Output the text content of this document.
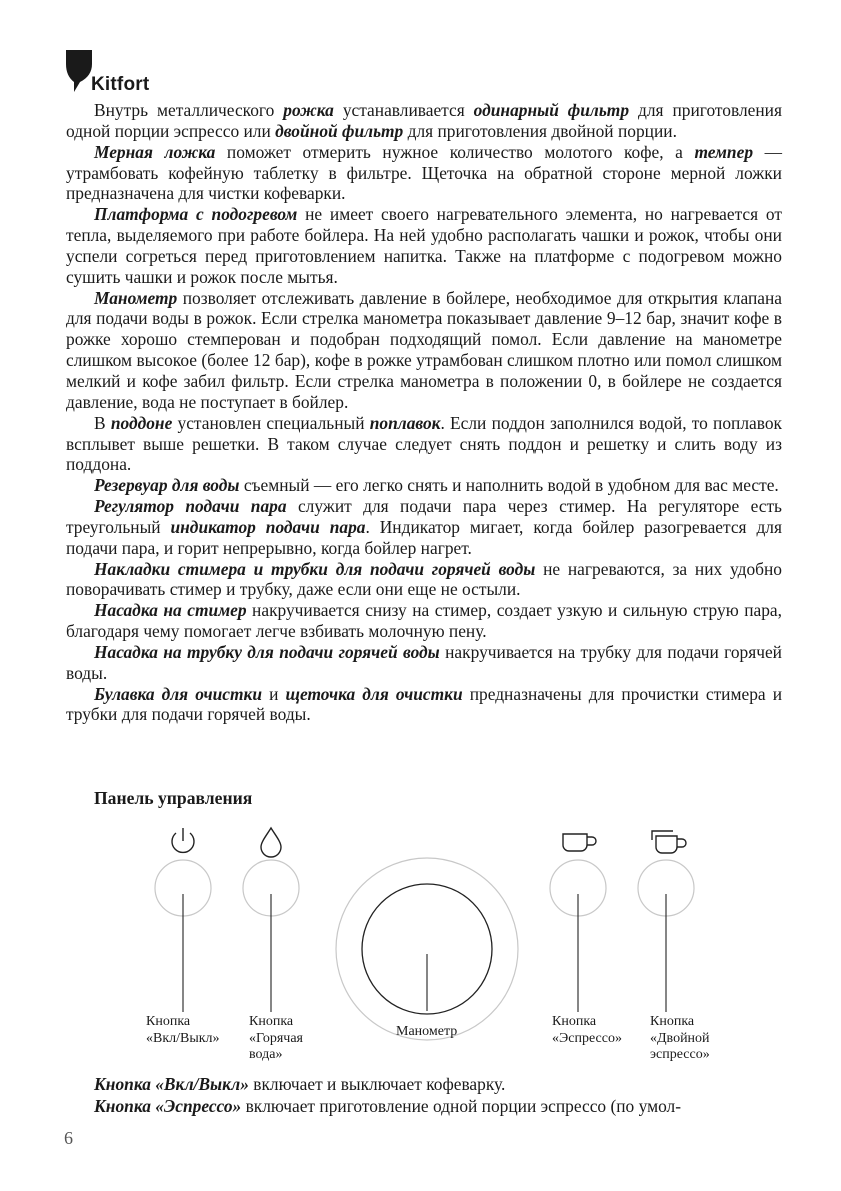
Kitfort

Внутрь металлического рожка устанавливается одинарный фильтр для приготовления одной порции эспрессо или двойной фильтр для приготовления двойной порции.

Мерная ложка поможет отмерить нужное количество молотого кофе, а темпер — утрамбовать кофейную таблетку в фильтре. Щеточка на обратной стороне мерной ложки предназначена для чистки кофеварки.

Платформа с подогревом не имеет своего нагревательного элемента, но нагревается от тепла, выделяемого при работе бойлера. На ней удобно располагать чашки и рожок, чтобы они успели согреться перед приготовлением напитка. Также на платформе с подогревом можно сушить чашки и рожок после мытья.

Манометр позволяет отслеживать давление в бойлере, необходимое для открытия клапана для подачи воды в рожок. Если стрелка манометра показывает давление 9–12 бар, значит кофе в рожке хорошо стемперован и подобран подходящий помол. Если давление на манометре слишком высокое (более 12 бар), кофе в рожке утрамбован слишком плотно или помол слишком мелкий и кофе забил фильтр. Если стрелка манометра в положении 0, в бойлере не создается давление, вода не поступает в бойлер.

В поддоне установлен специальный поплавок. Если поддон заполнился водой, то поплавок всплывет выше решетки. В таком случае следует снять поддон и решетку и слить воду из поддона.

Резервуар для воды съемный — его легко снять и наполнить водой в удобном для вас месте.

Регулятор подачи пара служит для подачи пара через стимер. На регуляторе есть треугольный индикатор подачи пара. Индикатор мигает, когда бойлер разогревается для подачи пара, и горит непрерывно, когда бойлер нагрет.

Накладки стимера и трубки для подачи горячей воды не нагреваются, за них удобно поворачивать стимер и трубку, даже если они еще не остыли.

Насадка на стимер накручивается снизу на стимер, создает узкую и сильную струю пара, благодаря чему помогает легче взбивать молочную пену.

Насадка на трубку для подачи горячей воды накручивается на трубку для подачи горячей воды.

Булавка для очистки и щеточка для очистки предназначены для прочистки стимера и трубки для подачи горячей воды.

Панель управления
Кнопка
«Вкл/Выкл»
Кнопка
«Горячая
вода»
Манометр
Кнопка
«Эспрессо»
Кнопка
«Двойной
эспрессо»

Кнопка «Вкл/Выкл» включает и выключает кофеварку.

Кнопка «Эспрессо» включает приготовление одной порции эспрессо (по умол-

6
